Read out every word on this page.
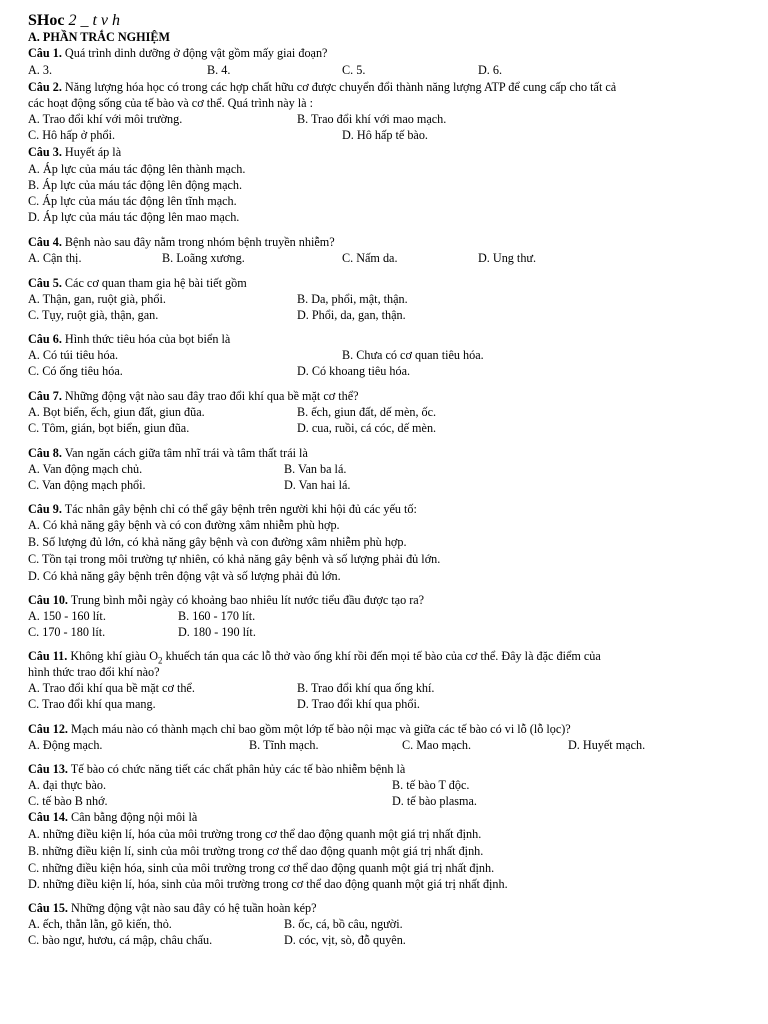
SHoc 2 _ t v h
A. PHẦN TRẮC NGHIỆM
Câu 1. Quá trình dinh dưỡng ở động vật gồm mấy giai đoạn?
A. 3.	B. 4.	C. 5.	D. 6.
Câu 2. Năng lượng hóa học có trong các hợp chất hữu cơ được chuyển đổi thành năng lượng ATP để cung cấp cho tất cả
các hoạt động sống của tế bào và cơ thể. Quá trình này là :
A. Trao đổi khí với môi trường.	B. Trao đổi khí với mao mạch.
C. Hô hấp ở phổi.	D. Hô hấp tế bào.
Câu 3. Huyết áp là
A. Áp lực của máu tác động lên thành mạch.
B. Áp lực của máu tác động lên động mạch.
C. Áp lực của máu tác động lên tĩnh mạch.
D. Áp lực của máu tác động lên mao mạch.
Câu 4. Bệnh nào sau đây nằm trong nhóm bệnh truyền nhiễm?
A. Cận thị.	B. Loãng xương.	C. Nấm da.	D. Ung thư.
Câu 5. Các cơ quan tham gia hệ bài tiết gồm
A. Thận, gan, ruột già, phổi.	B. Da, phổi, mật, thận.
C. Tụy, ruột già, thận, gan.	D. Phổi, da, gan, thận.
Câu 6. Hình thức tiêu hóa của bọt biển là
A. Có túi tiêu hóa.	B. Chưa có cơ quan tiêu hóa.
C. Có ống tiêu hóa.	D. Có khoang tiêu hóa.
Câu 7. Những động vật nào sau đây trao đổi khí qua bề mặt cơ thể?
A. Bọt biển, ếch, giun đất, giun đũa.	B. ếch, giun đất, dế mèn, ốc.
C. Tôm, gián, bọt biển, giun đũa.	D. cua, ruồi, cá cóc, dế mèn.
Câu 8. Van ngăn cách giữa tâm nhĩ trái và tâm thất trái là
A. Van động mạch chủ.	B. Van ba lá.
C. Van động mạch phổi.	D. Van hai lá.
Câu 9. Tác nhân gây bệnh chỉ có thể gây bệnh trên người khi hội đủ các yếu tố:
A. Có khả năng gây bệnh và có con đường xâm nhiễm phù hợp.
B. Số lượng đủ lớn, có khả năng gây bệnh và con đường xâm nhiễm phù hợp.
C. Tồn tại trong môi trường tự nhiên, có khả năng gây bệnh và số lượng phải đủ lớn.
D. Có khả năng gây bệnh trên động vật và số lượng phải đủ lớn.
Câu 10. Trung bình mỗi ngày có khoảng bao nhiêu lít nước tiểu đầu được tạo ra?
A. 150 - 160 lít.	B. 160 - 170 lít.
C. 170 - 180 lít.	D. 180 - 190 lít.
Câu 11. Không khí giàu $O_2$ khuếch tán qua các lỗ thở vào ống khí rồi đến mọi tế bào của cơ thể. Đây là đặc điểm của
hình thức trao đổi khí nào?
A. Trao đổi khí qua bề mặt cơ thể.	B. Trao đổi khí qua ống khí.
C. Trao đổi khí qua mang.	D. Trao đổi khí qua phổi.
Câu 12. Mạch máu nào có thành mạch chỉ bao gồm một lớp tế bào nội mạc và giữa các tế bào có vi lỗ (lỗ lọc)?
A. Động mạch.	B. Tĩnh mạch.	C. Mao mạch.	D. Huyết mạch.
Câu 13. Tế bào có chức năng tiết các chất phân hủy các tế bào nhiễm bệnh là
A. đại thực bào.	B. tế bào T độc.
C. tế bào B nhớ.	D. tế bào plasma.
Câu 14. Cân bằng động nội môi là
A. những điều kiện lí, hóa của môi trường trong cơ thể dao động quanh một giá trị nhất định.
B. những điều kiện lí, sinh của môi trường trong cơ thể dao động quanh một giá trị nhất định.
C. những điều kiện hóa, sinh của môi trường trong cơ thể dao động quanh một giá trị nhất định.
D. những điều kiện lí, hóa, sinh của môi trường trong cơ thể dao động quanh một giá trị nhất định.
Câu 15. Những động vật nào sau đây có hệ tuần hoàn kép?
A. ếch, thằn lằn, gõ kiến, thỏ.	B. ốc, cá, bồ câu, người.
C. bào ngư, hươu, cá mập, châu chấu.	D. cóc, vịt, sò, đỗ quyên.
